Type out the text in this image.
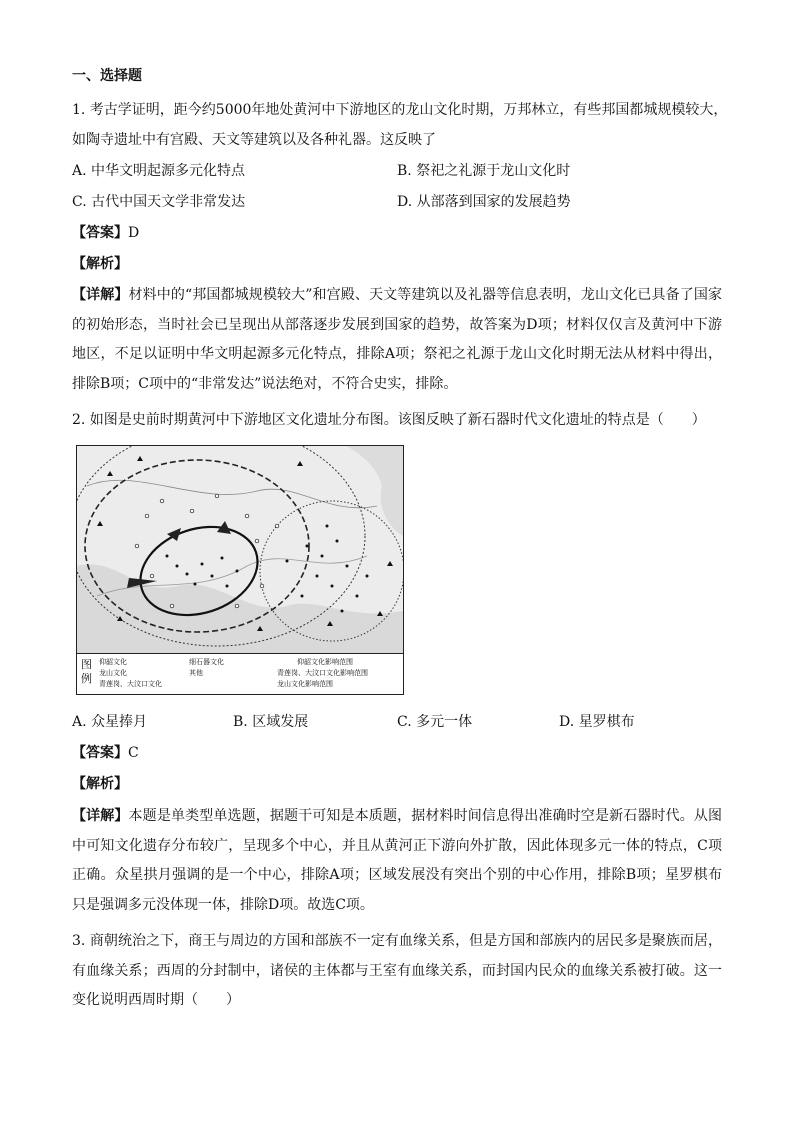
一、选择题
1. 考古学证明，距今约5000年地处黄河中下游地区的龙山文化时期，万邦林立，有些邦国都城规模较大，
如陶寺遗址中有宫殿、天文等建筑以及各种礼器。这反映了
A. 中华文明起源多元化特点	B. 祭祀之礼源于龙山文化时
C. 古代中国天文学非常发达	D. 从部落到国家的发展趋势
【答案】D
【解析】
【详解】材料中的“邦国都城规模较大”和宫殿、天文等建筑以及礼器等信息表明，龙山文化已具备了国家的初始形态，当时社会已呈现出从部落逐步发展到国家的趋势，故答案为D项；材料仅仅言及黄河中下游地区，不足以证明中华文明起源多元化特点，排除A项；祭祀之礼源于龙山文化时期无法从材料中得出，排除B项；C项中的“非常发达”说法绝对，不符合史实，排除。
2. 如图是史前时期黄河中下游地区文化遗址分布图。该图反映了新石器时代文化遗址的特点是（　　）
图例
仰韶文化
龙山文化
青莲岗、大汶口文化
细石器文化
其他
仰韶文化影响范围
青莲岗、大汶口文化影响范围
龙山文化影响范围
A. 众星捧月	B. 区域发展	C. 多元一体	D. 星罗棋布
【答案】C
【解析】
【详解】本题是单类型单选题，据题干可知是本质题，据材料时间信息得出准确时空是新石器时代。从图中可知文化遗存分布较广，呈现多个中心，并且从黄河正下游向外扩散，因此体现多元一体的特点，C项正确。众星拱月强调的是一个中心，排除A项；区域发展没有突出个别的中心作用，排除B项；星罗棋布只是强调多元没体现一体，排除D项。故选C项。
3. 商朝统治之下，商王与周边的方国和部族不一定有血缘关系，但是方国和部族内的居民多是聚族而居，有血缘关系；西周的分封制中，诸侯的主体都与王室有血缘关系，而封国内民众的血缘关系被打破。这一变化说明西周时期（　　）
